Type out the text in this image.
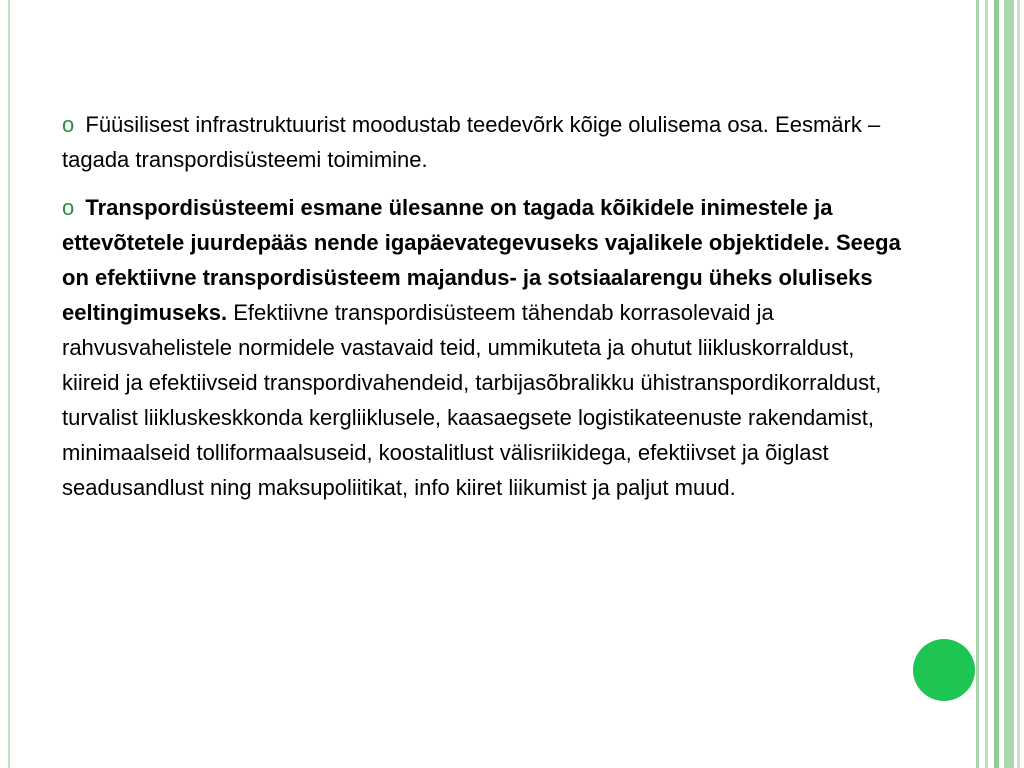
o Füüsilisest infrastruktuurist moodustab teedevõrk kõige olulisema osa. Eesmärk – tagada transpordisüsteemi toimimine.

o Transpordisüsteemi esmane ülesanne on tagada kõikidele inimestele ja ettevõtetele juurdepääs nende igapäevategevuseks vajalikele objektidele. Seega on efektiivne transpordisüsteem majandus- ja sotsiaalarengu üheks oluliseks eeltingimuseks. Efektiivne transpordisüsteem tähendab korrasolevaid ja rahvusvahelistele normidele vastavaid teid, ummikuteta ja ohutut liikluskorraldust, kiireid ja efektiivseid transpordivahendeid, tarbijasõbralikku ühistranspordikorraldust, turvalist liikluskeskkonda kergliiklusele, kaasaegsete logistikateenuste rakendamist, minimaalseid tolliformaalsuseid, koostalitlust välisriikidega, efektiivset ja õiglast seadusandlust ning maksupoliitikat, info kiiret liikumist ja paljut muud.
